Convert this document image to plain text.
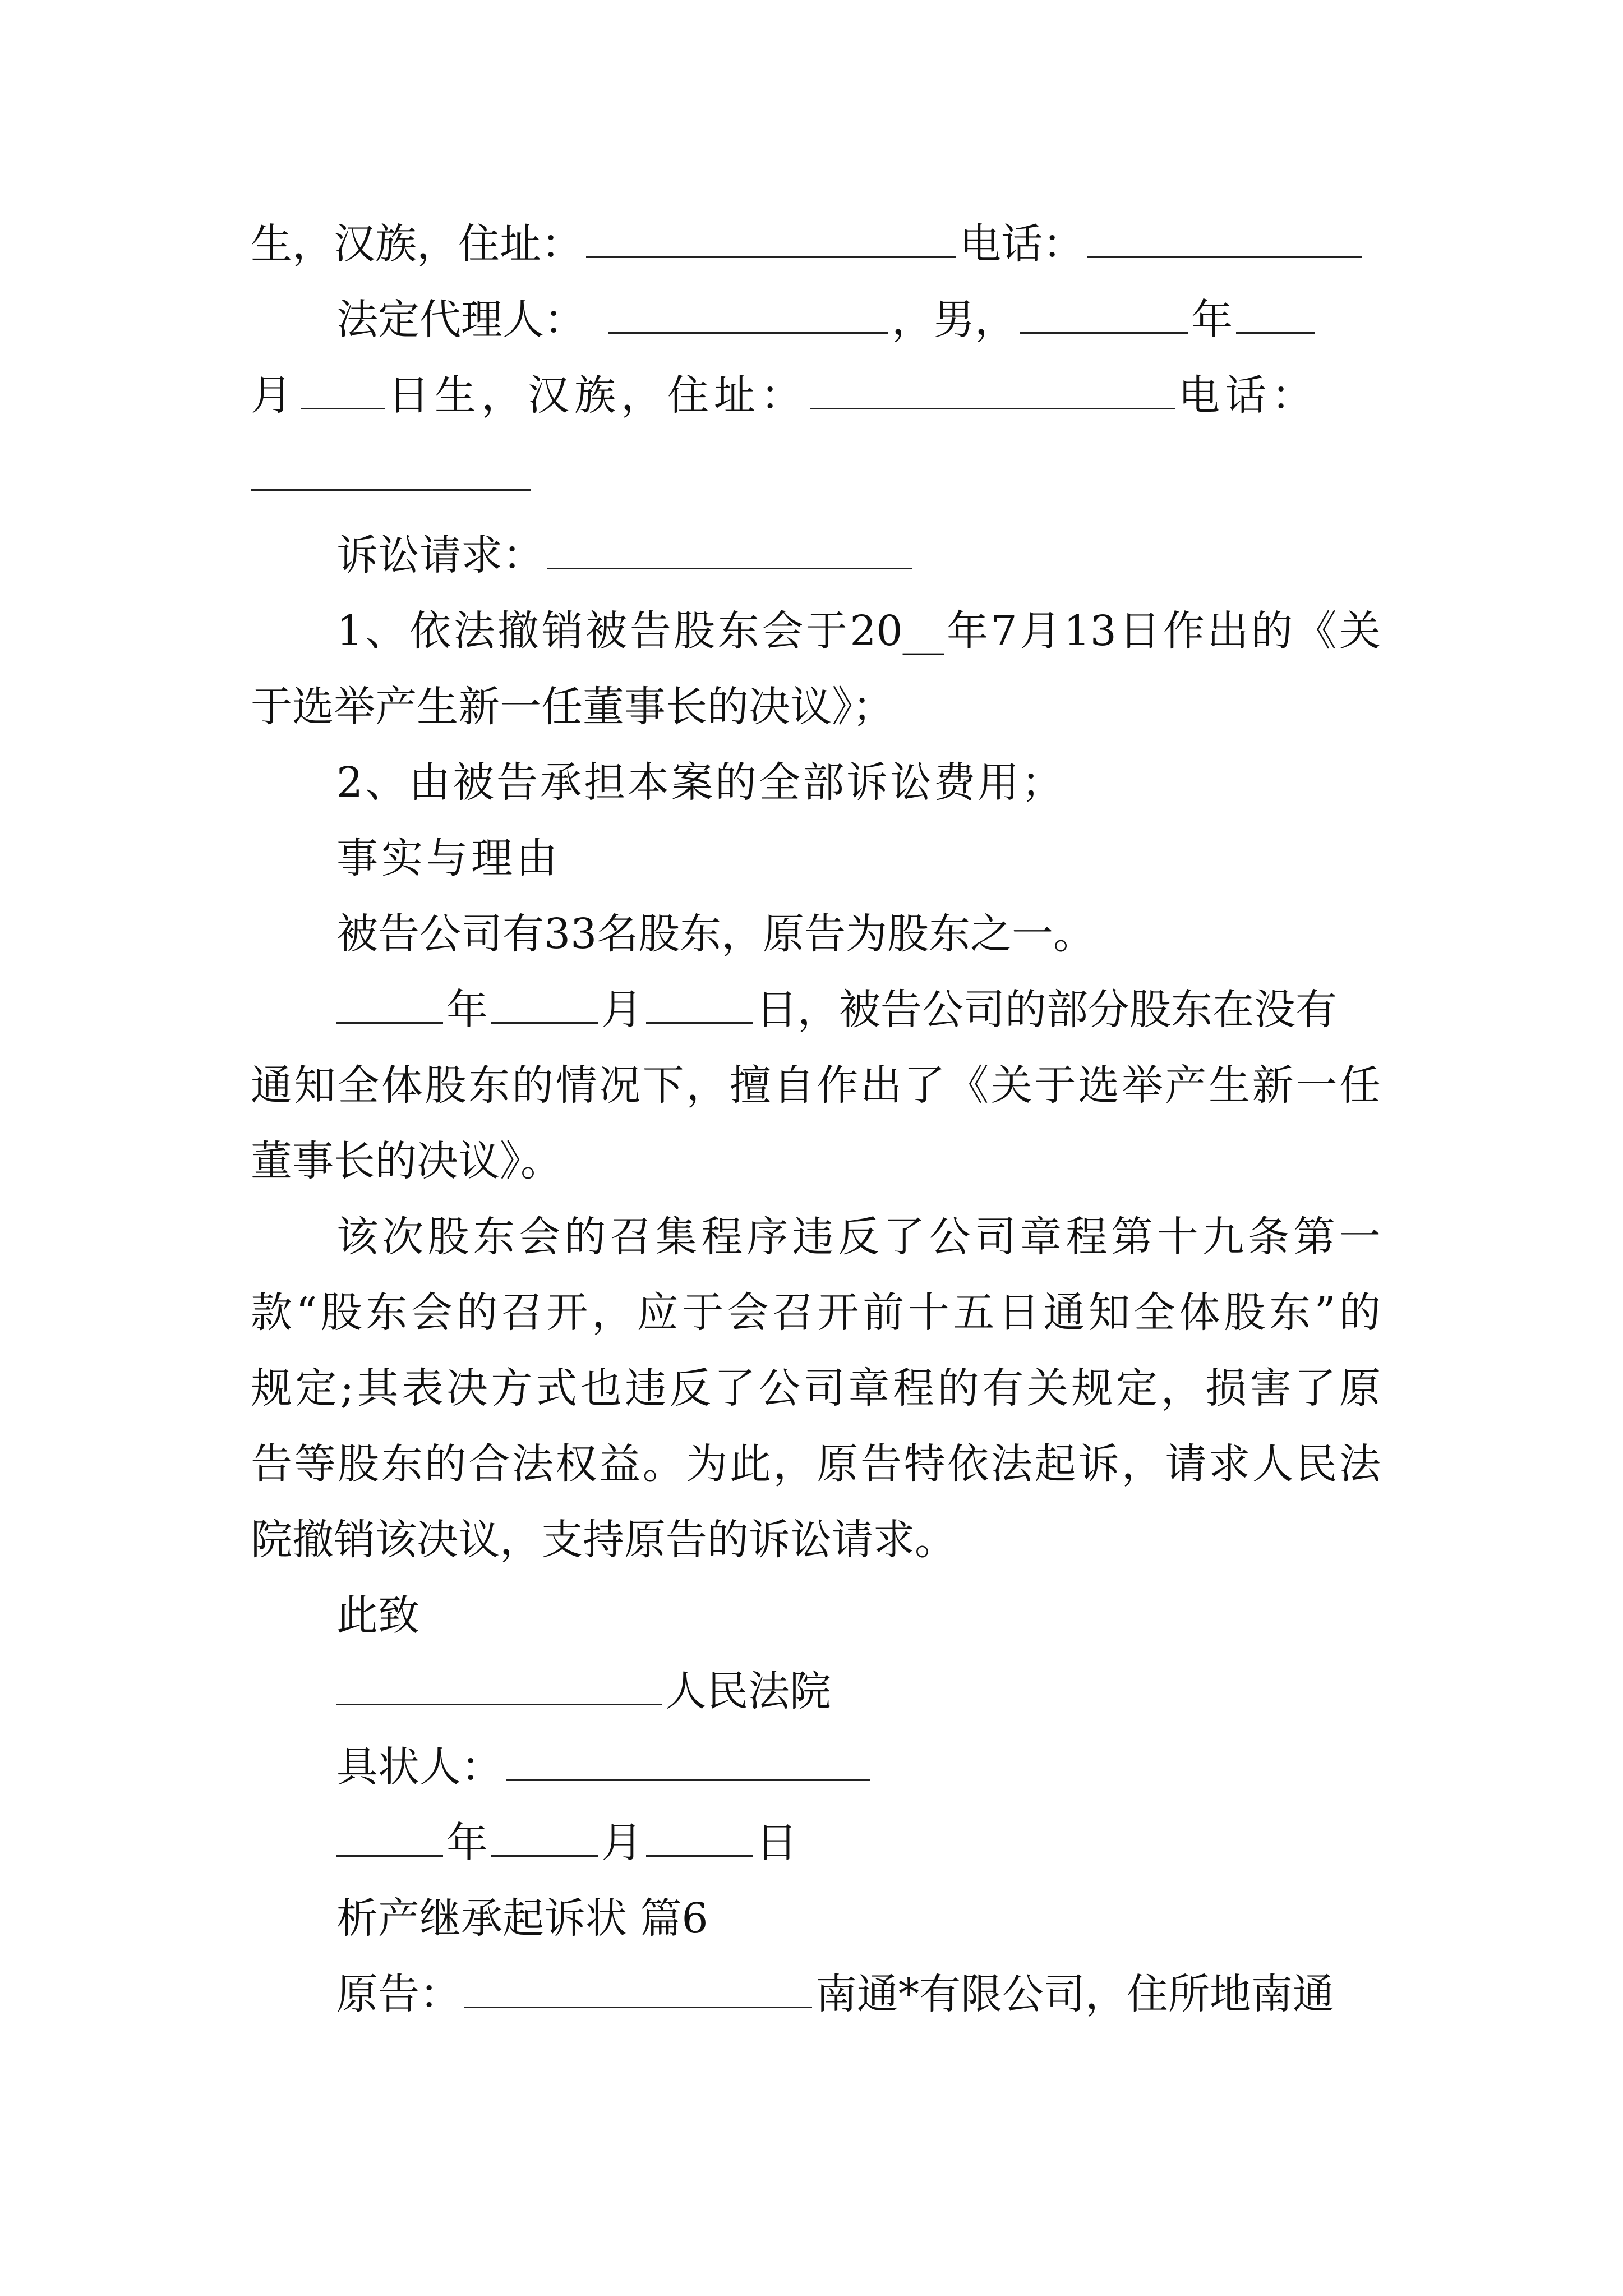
生，汉族，住址：	电话：
法定代理人：	，男，	年
月 日生，汉族，住址：	电话：
诉讼请求：
1、依法撤销被告股东会于20__年7月13日作出的《关
于选举产生新一任董事长的决议》；
2、由被告承担本案的全部诉讼费用；
事实与理由
被告公司有33名股东，原告为股东之一。
年	月	日，被告公司的部分股东在没有
通知全体股东的情况下，擅自作出了《关于选举产生新一任
董事长的决议》。
该次股东会的召集程序违反了公司章程第十九条第一
款“股东会的召开，应于会召开前十五日通知全体股东”的
规定;其表决方式也违反了公司章程的有关规定，损害了原
告等股东的合法权益。为此，原告特依法起诉，请求人民法
院撤销该决议，支持原告的诉讼请求。
此致
人民法院
具状人：
年	月	日
析产继承起诉状 篇6
原告：	南通*有限公司，住所地南通
